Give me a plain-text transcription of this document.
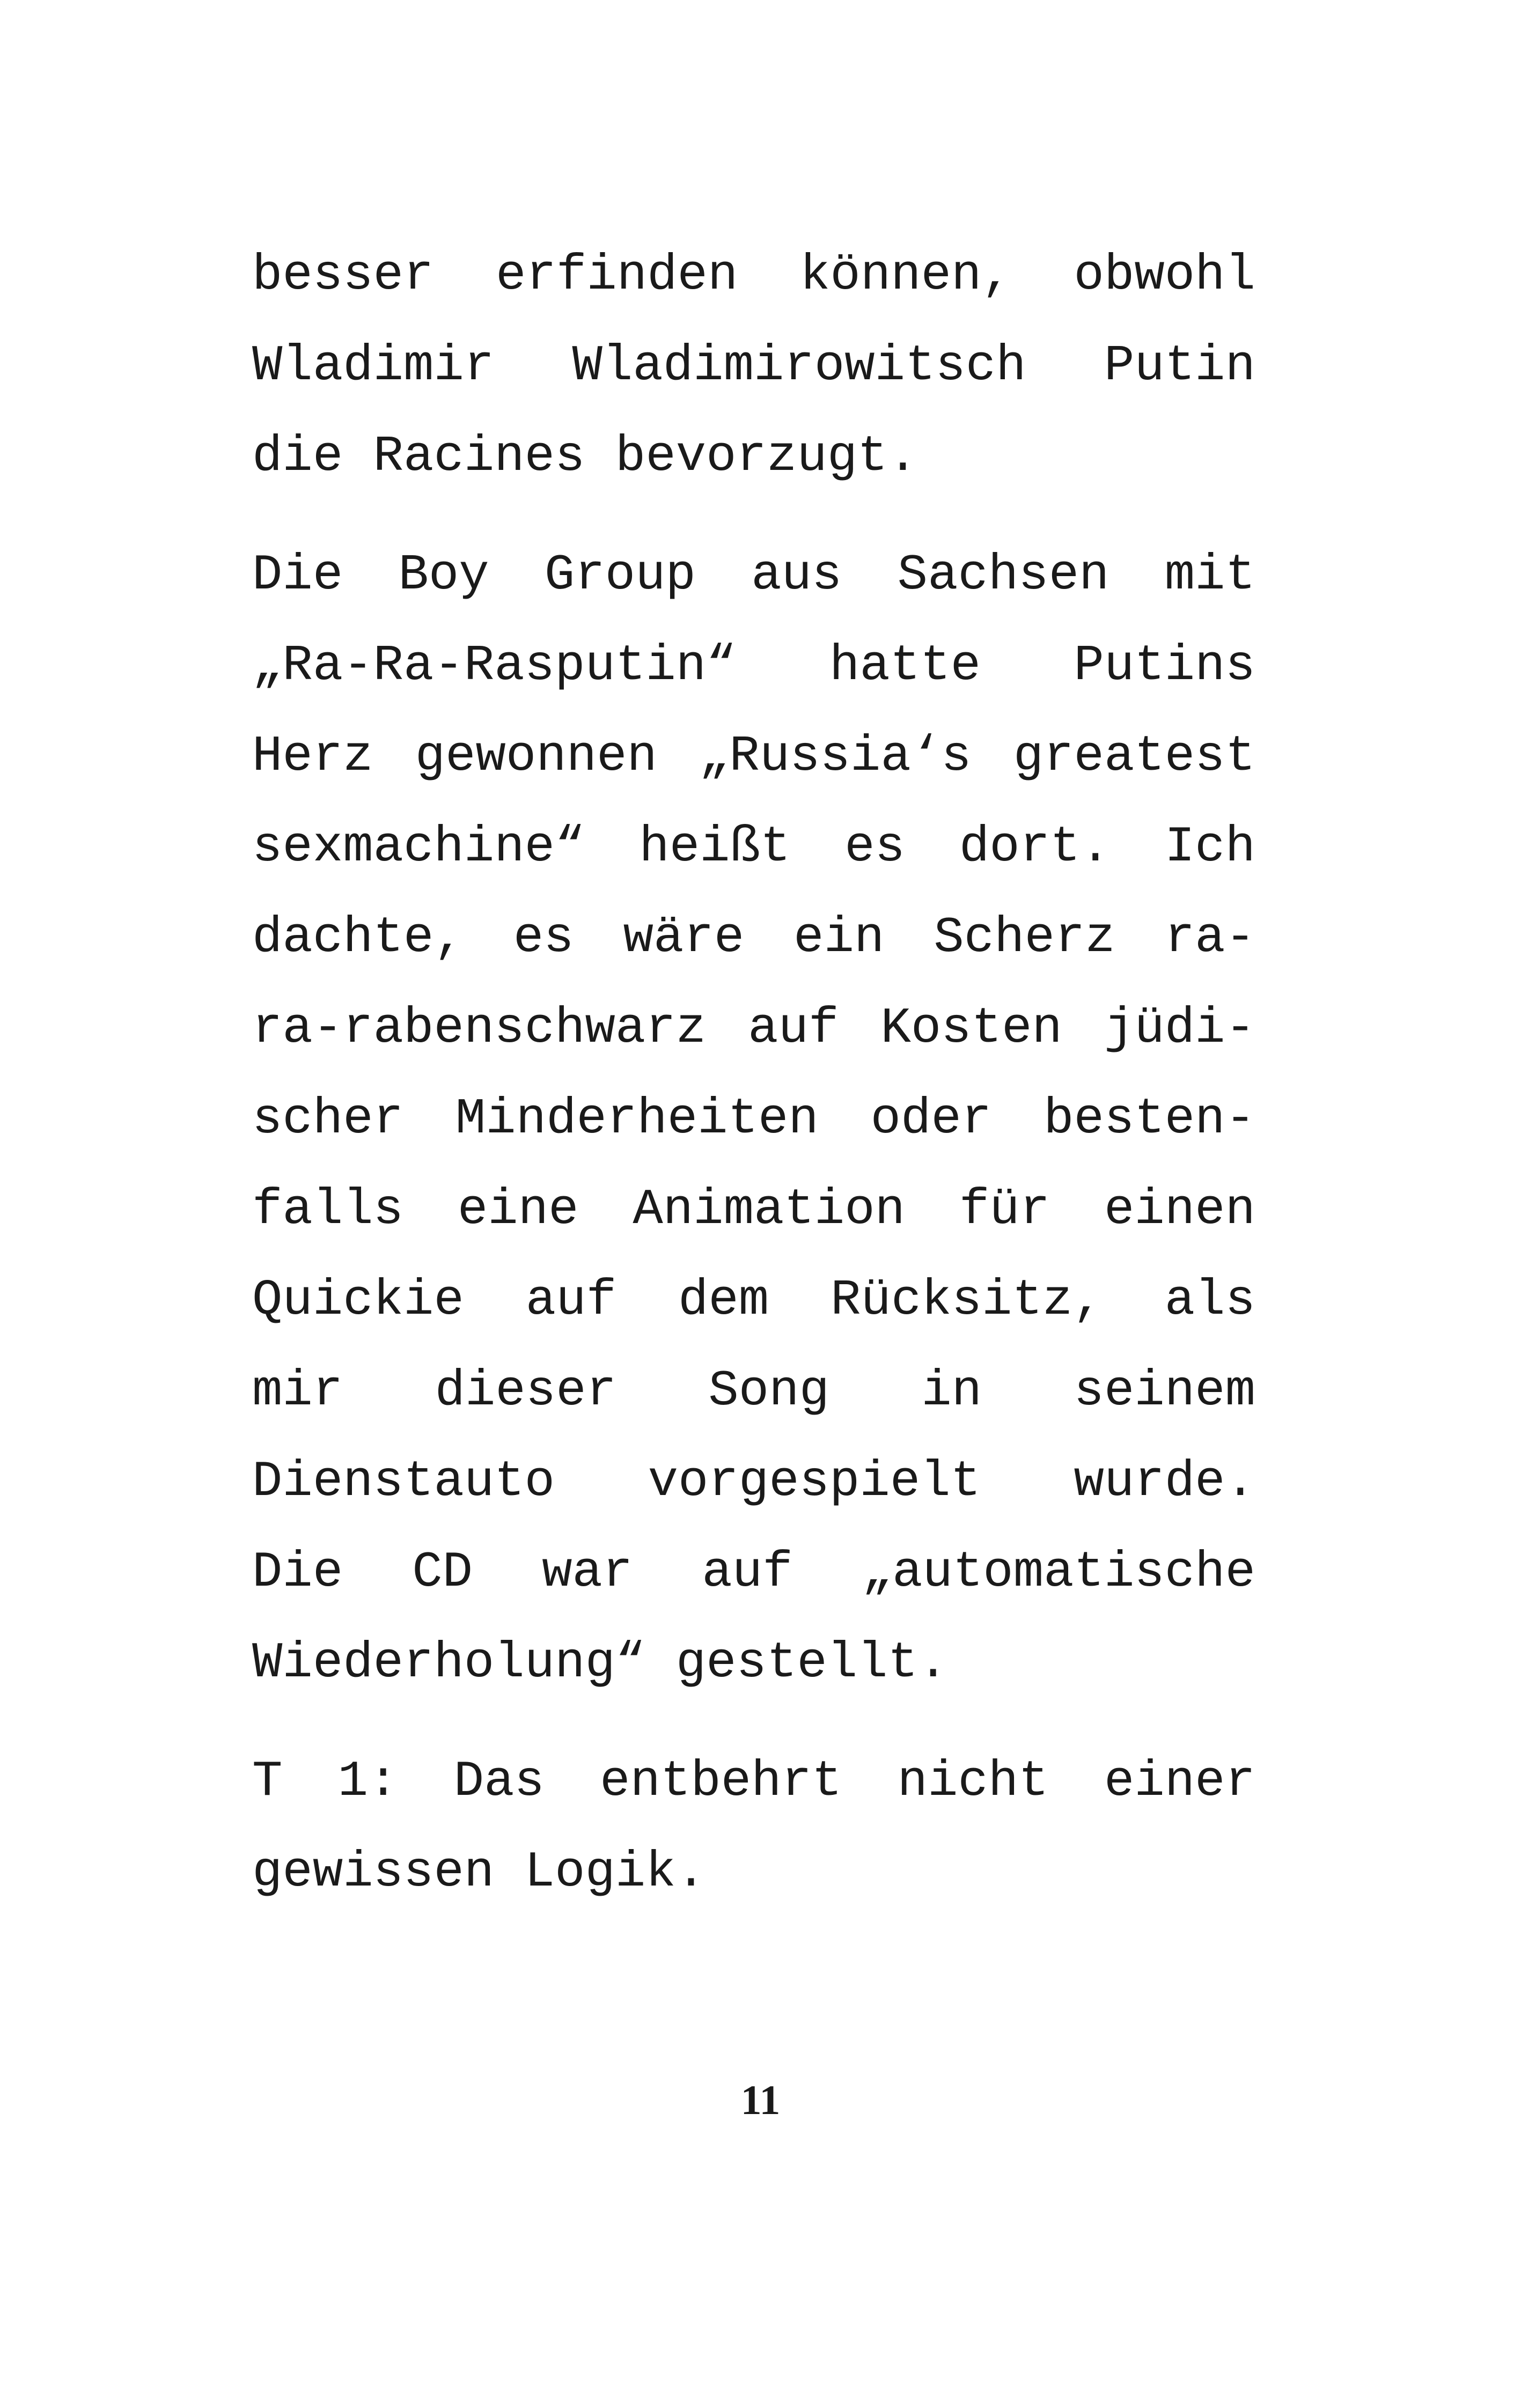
besser erfinden können, obwohl
Wladimir Wladimirowitsch Putin
die Racines bevorzugt.
Die Boy Group aus Sachsen mit
„Ra-Ra-Rasputin“ hatte Putins
Herz gewonnen „Russia‘s greatest
sexmachine“ heißt es dort. Ich
dachte, es wäre ein Scherz ra-
ra-rabenschwarz auf Kosten jüdi-
scher Minderheiten oder besten-
falls eine Animation für einen
Quickie auf dem Rücksitz, als
mir dieser Song in seinem
Dienstauto vorgespielt wurde.
Die CD war auf „automatische
Wiederholung“ gestellt.
T 1: Das entbehrt nicht einer
gewissen Logik.
11
